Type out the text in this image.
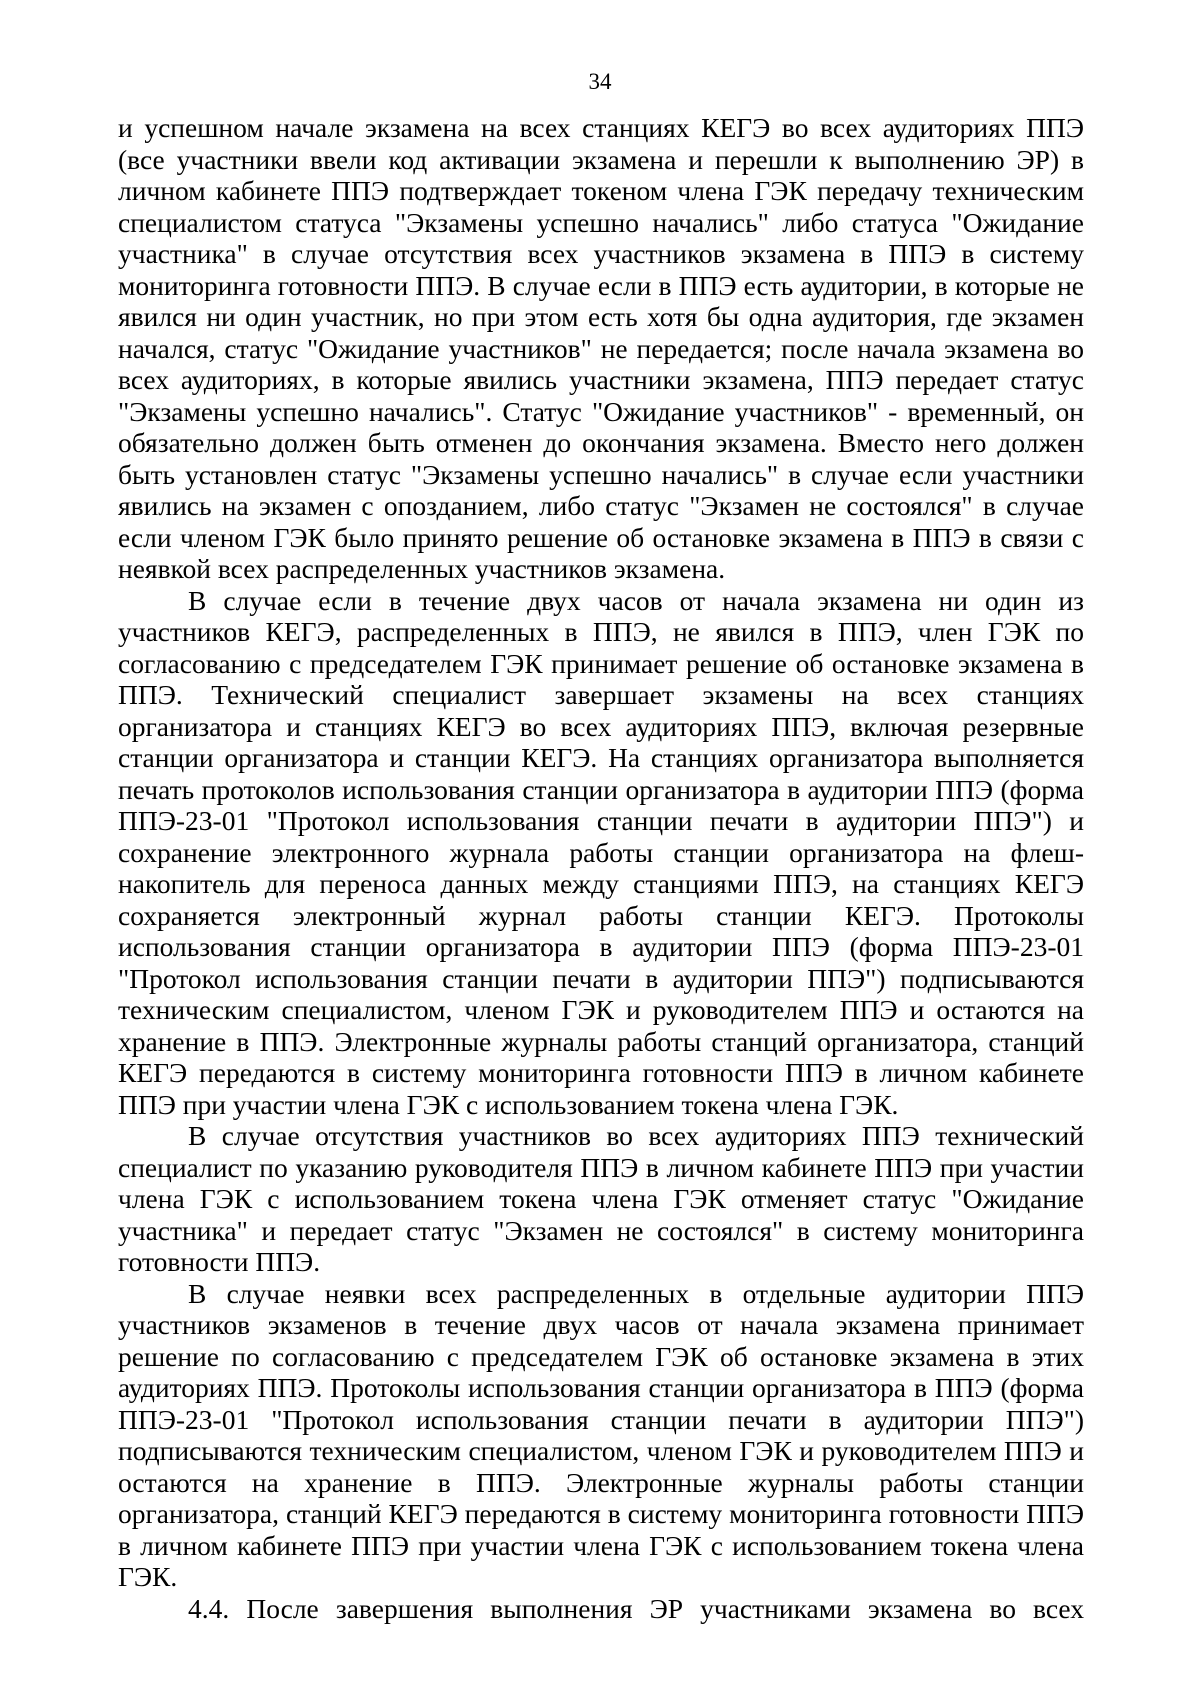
34

и успешном начале экзамена на всех станциях КЕГЭ во всех аудиториях ППЭ (все участники ввели код активации экзамена и перешли к выполнению ЭР) в личном кабинете ППЭ подтверждает токеном члена ГЭК передачу техническим специалистом статуса "Экзамены успешно начались" либо статуса "Ожидание участника" в случае отсутствия всех участников экзамена в ППЭ в систему мониторинга готовности ППЭ. В случае если в ППЭ есть аудитории, в которые не явился ни один участник, но при этом есть хотя бы одна аудитория, где экзамен начался, статус "Ожидание участников" не передается; после начала экзамена во всех аудиториях, в которые явились участники экзамена, ППЭ передает статус "Экзамены успешно начались". Статус "Ожидание участников" - временный, он обязательно должен быть отменен до окончания экзамена. Вместо него должен быть установлен статус "Экзамены успешно начались" в случае если участники явились на экзамен с опозданием, либо статус "Экзамен не состоялся" в случае если членом ГЭК было принято решение об остановке экзамена в ППЭ в связи с неявкой всех распределенных участников экзамена.

В случае если в течение двух часов от начала экзамена ни один из участников КЕГЭ, распределенных в ППЭ, не явился в ППЭ, член ГЭК по согласованию с председателем ГЭК принимает решение об остановке экзамена в ППЭ. Технический специалист завершает экзамены на всех станциях организатора и станциях КЕГЭ во всех аудиториях ППЭ, включая резервные станции организатора и станции КЕГЭ. На станциях организатора выполняется печать протоколов использования станции организатора в аудитории ППЭ (форма ППЭ-23-01 "Протокол использования станции печати в аудитории ППЭ") и сохранение электронного журнала работы станции организатора на флеш-накопитель для переноса данных между станциями ППЭ, на станциях КЕГЭ сохраняется электронный журнал работы станции КЕГЭ. Протоколы использования станции организатора в аудитории ППЭ (форма ППЭ-23-01 "Протокол использования станции печати в аудитории ППЭ") подписываются техническим специалистом, членом ГЭК и руководителем ППЭ и остаются на хранение в ППЭ. Электронные журналы работы станций организатора, станций КЕГЭ передаются в систему мониторинга готовности ППЭ в личном кабинете ППЭ при участии члена ГЭК с использованием токена члена ГЭК.

В случае отсутствия участников во всех аудиториях ППЭ технический специалист по указанию руководителя ППЭ в личном кабинете ППЭ при участии члена ГЭК с использованием токена члена ГЭК отменяет статус "Ожидание участника" и передает статус "Экзамен не состоялся" в систему мониторинга готовности ППЭ.

В случае неявки всех распределенных в отдельные аудитории ППЭ участников экзаменов в течение двух часов от начала экзамена принимает решение по согласованию с председателем ГЭК об остановке экзамена в этих аудиториях ППЭ. Протоколы использования станции организатора в ППЭ (форма ППЭ-23-01 "Протокол использования станции печати в аудитории ППЭ") подписываются техническим специалистом, членом ГЭК и руководителем ППЭ и остаются на хранение в ППЭ. Электронные журналы работы станции организатора, станций КЕГЭ передаются в систему мониторинга готовности ППЭ в личном кабинете ППЭ при участии члена ГЭК с использованием токена члена ГЭК.

4.4. После завершения выполнения ЭР участниками экзамена во всех
